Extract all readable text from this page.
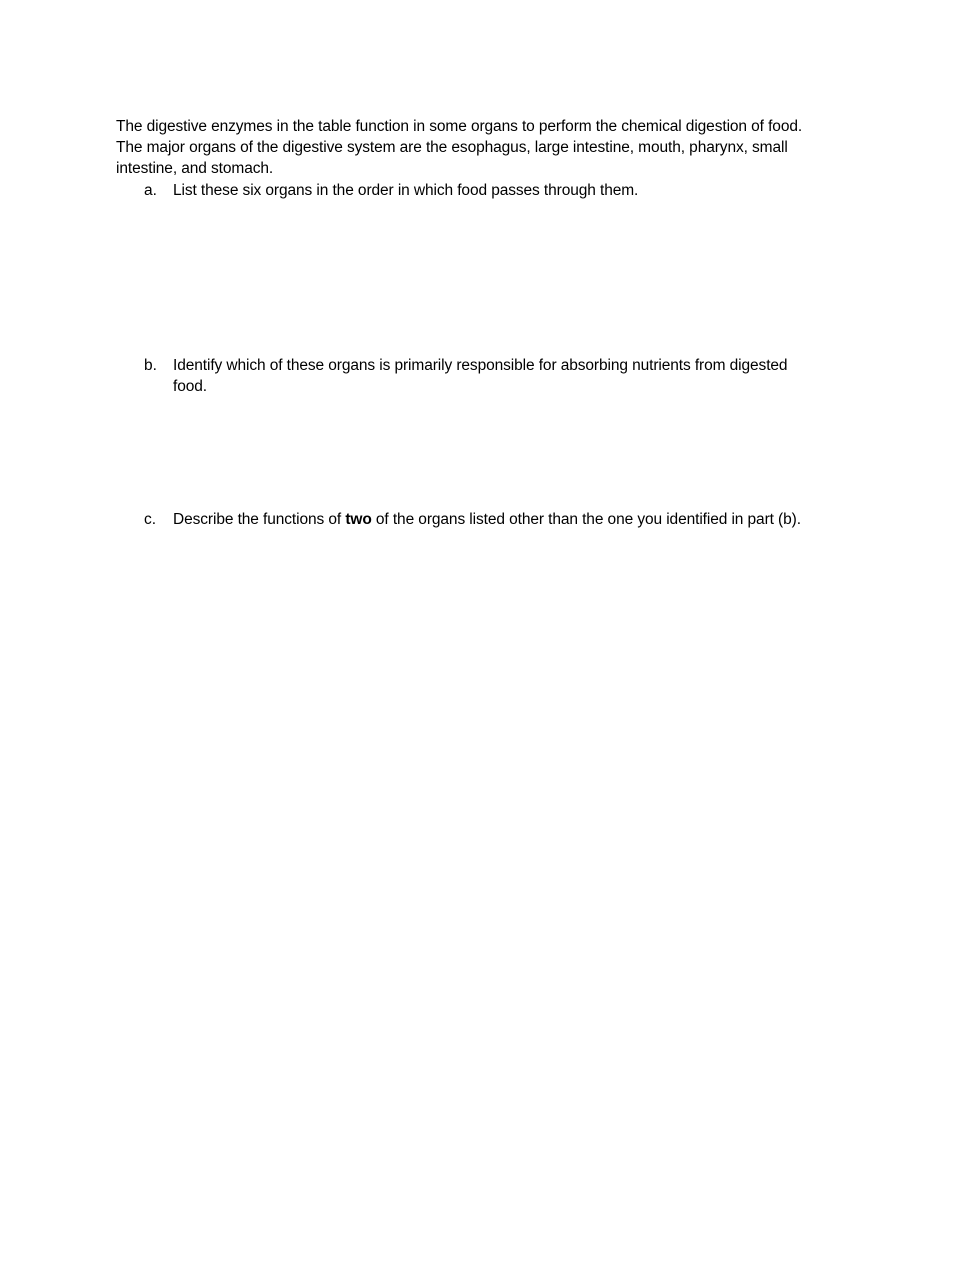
The digestive enzymes in the table function in some organs to perform the chemical digestion of food.
The major organs of the digestive system are the esophagus, large intestine, mouth, pharynx, small
intestine, and stomach.
a. List these six organs in the order in which food passes through them.
b. Identify which of these organs is primarily responsible for absorbing nutrients from digested
food.
c. Describe the functions of two of the organs listed other than the one you identified in part (b).
